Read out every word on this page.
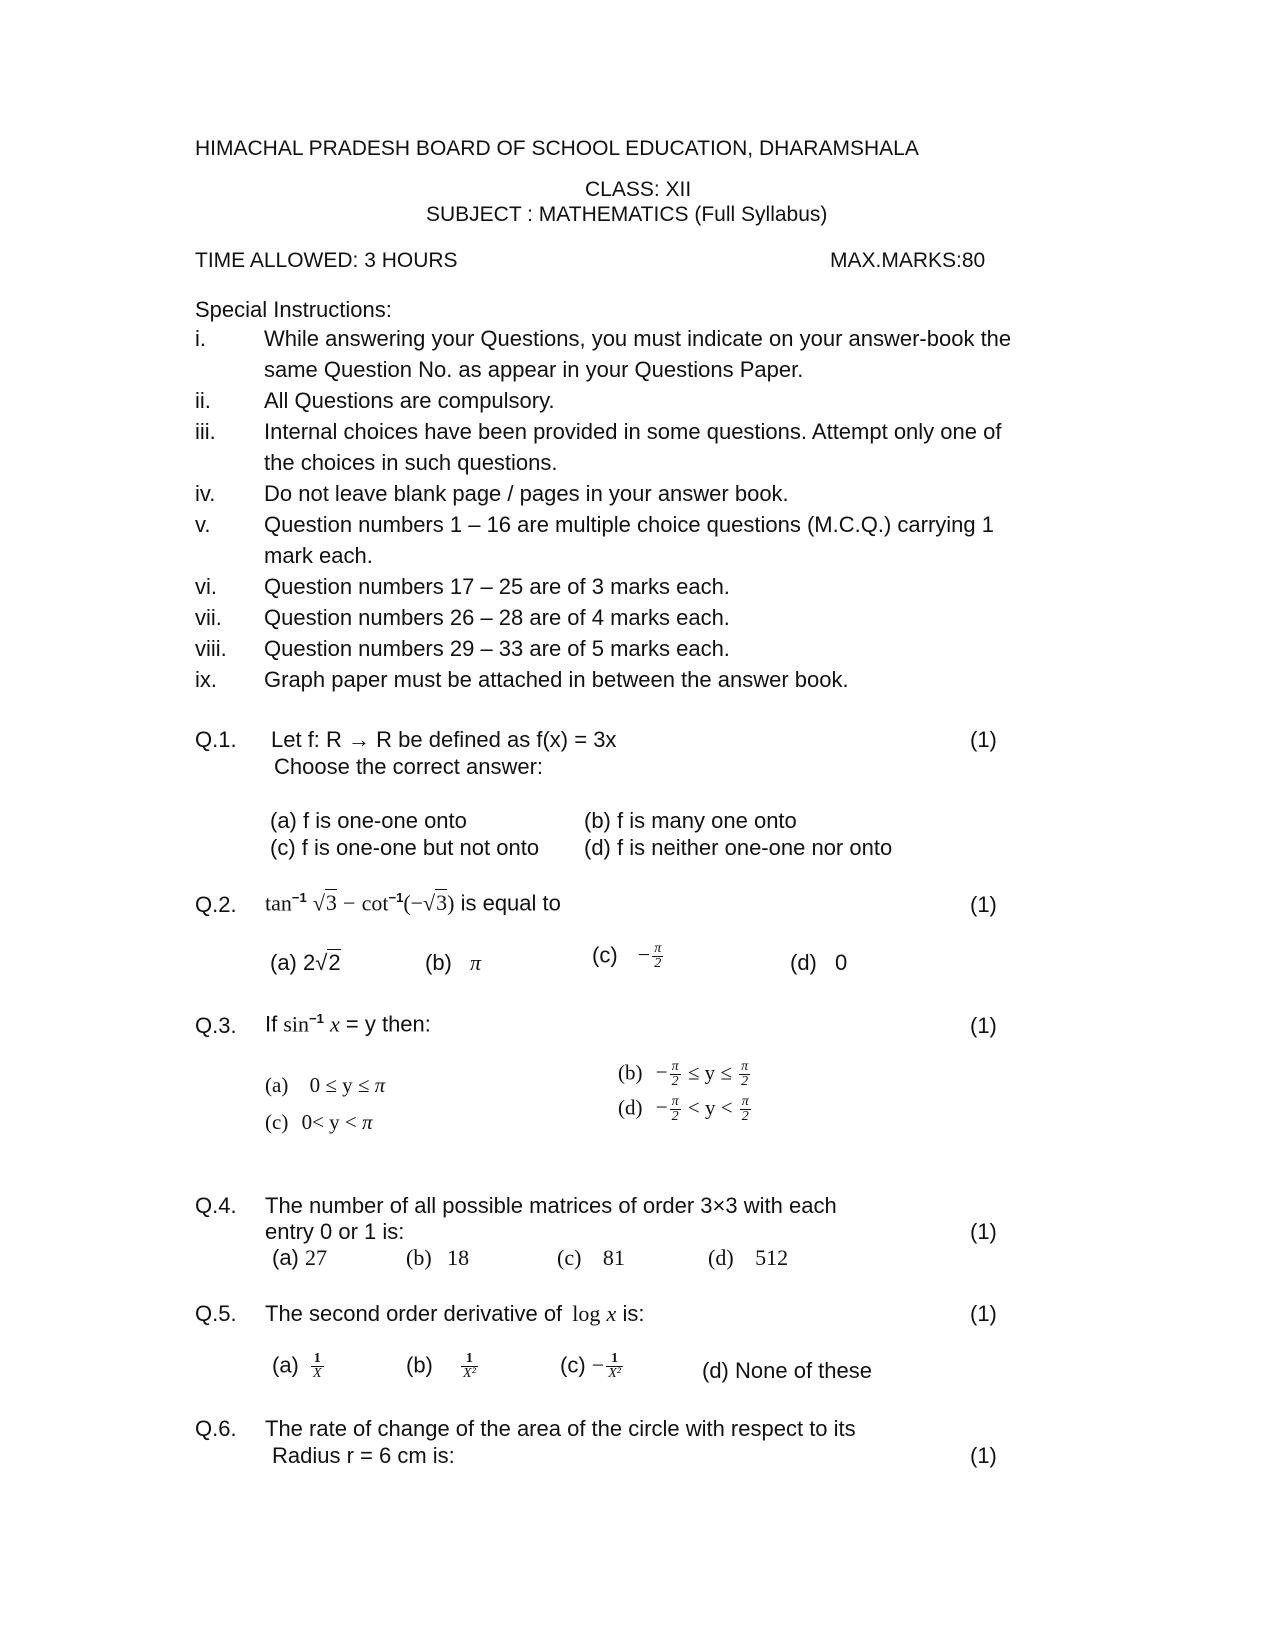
HIMACHAL PRADESH BOARD OF SCHOOL EDUCATION, DHARAMSHALA
CLASS: XII
SUBJECT : MATHEMATICS (Full Syllabus)
TIME ALLOWED: 3 HOURS	MAX.MARKS:80
Special Instructions:
i.	While answering your Questions, you must indicate on your answer-book the
same Question No. as appear in your Questions Paper.
ii. All Questions are compulsory.
iii. Internal choices have been provided in some questions. Attempt only one of
the choices in such questions.
iv. Do not leave blank page / pages in your answer book.
v. Question numbers 1 – 16 are multiple choice questions (M.C.Q.) carrying 1
mark each.
vi. Question numbers 17 – 25 are of 3 marks each.
vii. Question numbers 26 – 28 are of 4 marks each.
viii. Question numbers 29 – 33 are of 5 marks each.
ix. Graph paper must be attached in between the answer book.
Q.1. Let f: R → R be defined as f(x) = 3x	(1)
Choose the correct answer:
(a) f is one-one onto	(b) f is many one onto
(c) f is one-one but not onto (d) f is neither one-one nor onto
Q.2. $\tan^{-1} √3 - \cot^{-1}(-√3)$ is equal to	(1)
(a) 2√2	(b) π	$(c) - \frac{\pi}{2}$	(d) 0
Q.3. If $\sin^{-1} x = y$ then:	(1)
(a) 0 ≤ y ≤ π
$(b) - \frac{\pi}{2} \le y \le \frac{\pi}{2}$
(c) 0< y < π
$(d) - \frac{\pi}{2} < y < \frac{\pi}{2}$
Q.4. The number of all possible matrices of order 3×3 with each
entry 0 or 1 is:	(1)
(a) 27	(b) 18	(c) 81	(d) 512
Q.5. The second order derivative of log x is:	(1)
$(a) \frac{1}{X}$	$(b) \frac{1}{\text{X²}}$	$(c) - \frac{1}{\text{X²}}$	(d) None of these
Q.6. The rate of change of the area of the circle with respect to its
Radius r = 6 cm is:	(1)
